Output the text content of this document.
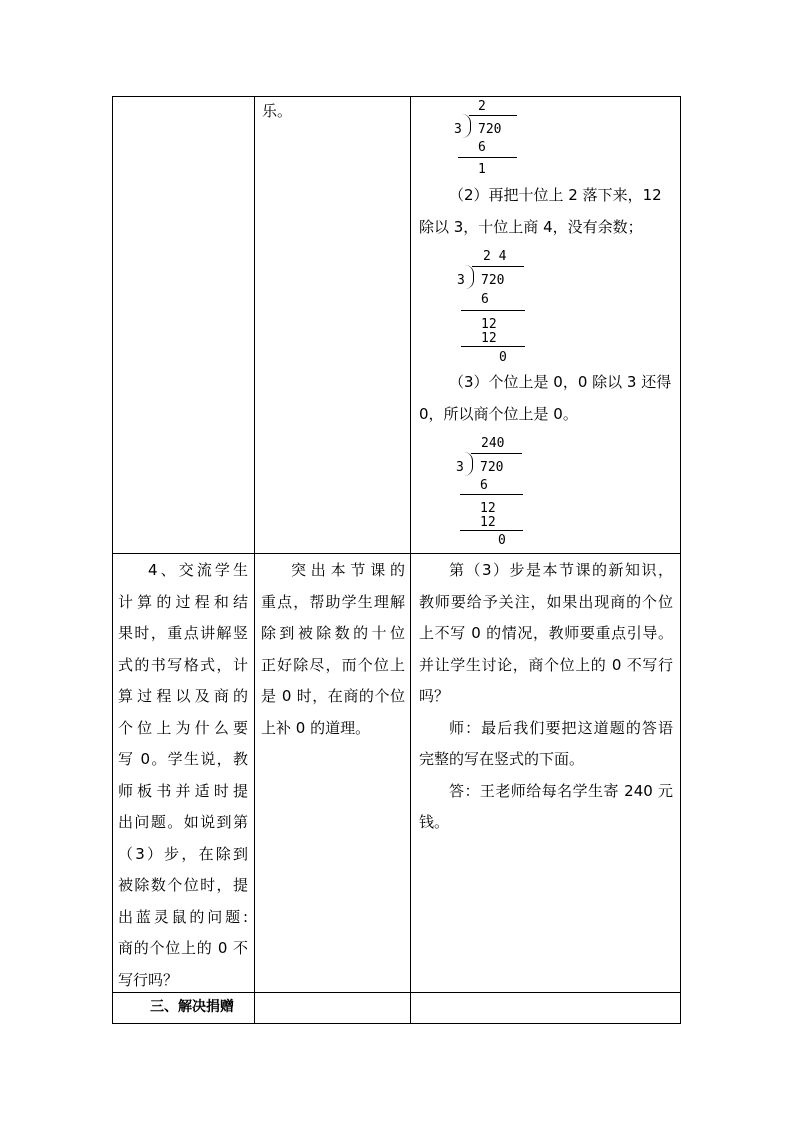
乐。	2
3 720
6
1
（2）再把十位上 2 落下来，12
除以 3，十位上商 4，没有余数；
2 4
3 720
6
12
12
0
（3）个位上是 0，0 除以 3 还得
0，所以商个位上是 0。
240
3 720
6
12
12
0
4、交流学生
计算的过程和结
果时，重点讲解竖
式的书写格式，计
算过程以及商的
个位上为什么要
写 0。学生说，教
师板书并适时提
出问题。如说到第
（3）步，在除到
被除数个位时，提
出蓝灵鼠的问题:
商的个位上的 0 不
写行吗？
突出本节课的
重点，帮助学生理解
除到被除数的十位
正好除尽，而个位上
是 0 时，在商的个位
上补 0 的道理。
第（3）步是本节课的新知识，
教师要给予关注，如果出现商的个位
上不写 0 的情况，教师要重点引导。
并让学生讨论，商个位上的 0 不写行
吗？
师：最后我们要把这道题的答语
完整的写在竖式的下面。
答：王老师给每名学生寄 240 元
钱。
三、解决捐赠
